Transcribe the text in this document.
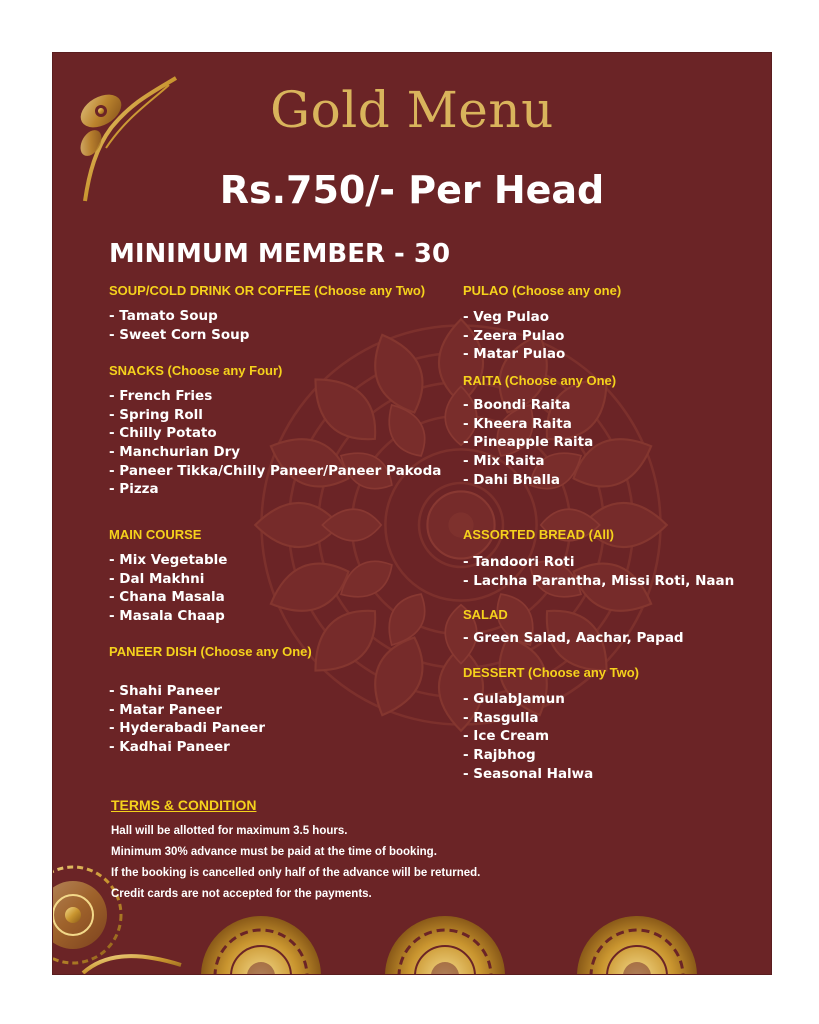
Gold Menu
Rs.750/- Per Head
MINIMUM MEMBER - 30
SOUP/COLD DRINK OR COFFEE (Choose any Two)
- Tamato Soup
- Sweet Corn Soup
SNACKS (Choose any Four)
- French Fries
- Spring Roll
- Chilly Potato
- Manchurian Dry
- Paneer Tikka/Chilly Paneer/Paneer Pakoda
- Pizza
MAIN COURSE
- Mix Vegetable
- Dal Makhni
- Chana Masala
- Masala Chaap
PANEER DISH (Choose any One)
- Shahi Paneer
- Matar Paneer
- Hyderabadi Paneer
- Kadhai Paneer
PULAO (Choose any one)
- Veg Pulao
- Zeera Pulao
- Matar Pulao
RAITA (Choose any One)
- Boondi Raita
- Kheera Raita
- Pineapple Raita
- Mix Raita
- Dahi Bhalla
ASSORTED BREAD (All)
- Tandoori Roti
- Lachha Parantha, Missi Roti, Naan
SALAD
- Green Salad, Aachar, Papad
DESSERT (Choose any Two)
- GulabJamun
- Rasgulla
- Ice Cream
- Rajbhog
- Seasonal Halwa
TERMS & CONDITION
Hall will be allotted for maximum 3.5 hours.
Minimum 30% advance must be paid at the time of booking.
If the booking is cancelled only half of the advance will be returned.
Credit cards are not accepted for the payments.
